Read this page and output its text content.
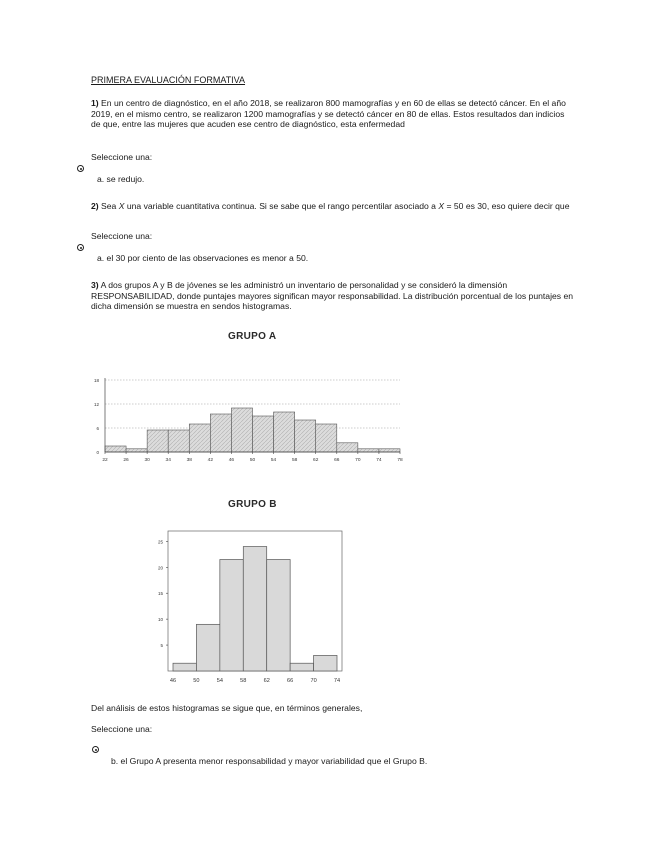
PRIMERA EVALUACIÓN FORMATIVA
1) En un centro de diagnóstico, en el año 2018, se realizaron 800 mamografías y en 60 de ellas se detectó cáncer. En el año 2019, en el mismo centro, se realizaron 1200 mamografías y se detectó cáncer en 80 de ellas. Estos resultados dan indicios de que, entre las mujeres que acuden ese centro de diagnóstico, esta enfermedad
Seleccione una:
a. se redujo.
2) Sea X una variable cuantitativa continua. Si se sabe que el rango percentilar asociado a X = 50 es 30, eso quiere decir que
Seleccione una:
a. el 30 por ciento de las observaciones es menor a 50.
3) A dos grupos A y B de jóvenes se les administró un inventario de personalidad y se consideró la dimensión RESPONSABILIDAD, donde puntajes mayores significan mayor responsabilidad. La distribución porcentual de los puntajes en dicha dimensión se muestra en sendos histogramas.
GRUPO A
0
6
12
18
22	26	30	34	38	42	46	50	54	58	62	66	70	74	78
GRUPO B
5
10
15
20
25
46	50	54	58	62	66	70	74
Del análisis de estos histogramas se sigue que, en términos generales,
Seleccione una:
b. el Grupo A presenta menor responsabilidad y mayor variabilidad que el Grupo B.
